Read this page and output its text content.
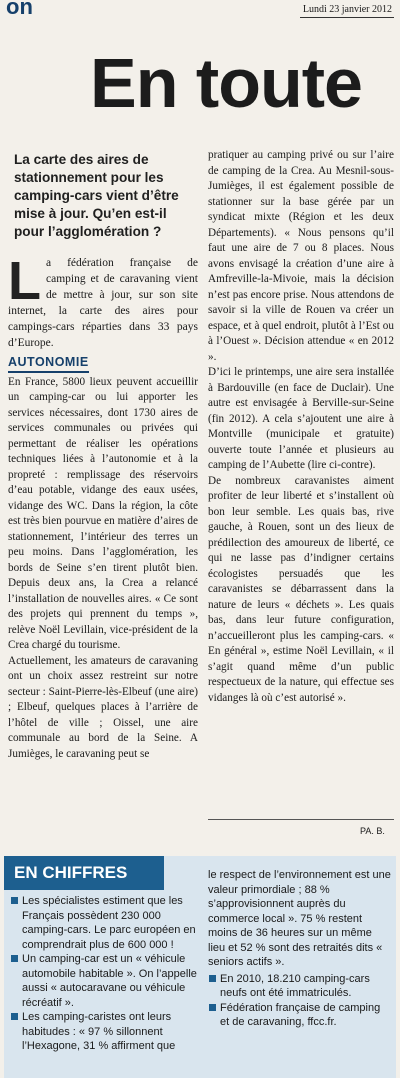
on	Lundi 23 janvier 2012
En toute
La carte des aires de stationnement pour les camping-cars vient d’être mise à jour. Qu’en est-il pour l’agglomération ?

La fédération française de camping et de caravaning vient de mettre à jour, sur son site internet, la carte des aires pour campings-cars réparties dans 33 pays d’Europe.

AUTONOMIE

En France, 5800 lieux peuvent accueillir un camping-car ou lui apporter les services nécessaires, dont 1730 aires de services communales ou privées qui permettant de réaliser les opérations techniques liées à l’autonomie et à la propreté : remplissage des réservoirs d’eau potable, vidange des eaux usées, vidange des WC. Dans la région, la côte est très bien pourvue en matière d’aires de stationnement, l’intérieur des terres un peu moins. Dans l’agglomération, les bords de Seine s’en tirent plutôt bien. Depuis deux ans, la Crea a relancé l’installation de nouvelles aires. « Ce sont des projets qui prennent du temps », relève Noël Levillain, vice-président de la Crea chargé du tourisme.

Actuellement, les amateurs de caravaning ont un choix assez restreint sur notre secteur : Saint-Pierre-lès-Elbeuf (une aire) ; Elbeuf, quelques places à l’arrière de l’hôtel de ville ; Oissel, une aire communale au bord de la Seine. A Jumièges, le caravaning peut se

pratiquer au camping privé ou sur l’aire de camping de la Crea. Au Mesnil-sous-Jumièges, il est également possible de stationner sur la base gérée par un syndicat mixte (Région et les deux Départements). « Nous pensons qu’il faut une aire de 7 ou 8 places. Nous avons envisagé la création d’une aire à Amfreville-la-Mivoie, mais la décision n’est pas encore prise. Nous attendons de savoir si la ville de Rouen va créer un espace, et à quel endroit, plutôt à l’Est ou à l’Ouest ». Décision attendue « en 2012 ».

D’ici le printemps, une aire sera installée à Bardouville (en face de Duclair). Une autre est envisagée à Berville-sur-Seine (fin 2012). A cela s’ajoutent une aire à Montville (municipale et gratuite) ouverte toute l’année et plusieurs au camping de l’Aubette (lire ci-contre).

De nombreux caravanistes aiment profiter de leur liberté et s’installent où bon leur semble. Les quais bas, rive gauche, à Rouen, sont un des lieux de prédilection des amoureux de liberté, ce qui ne lasse pas d’indigner certains écologistes persuadés que les caravanistes se débarrassent dans la nature de leurs « déchets ». Les quais bas, dans leur future configuration, n’accueilleront plus les camping-cars. « En général », estime Noël Levillain, « il s’agit quand même d’un public respectueux de la nature, qui effectue ses vidanges là où c’est autorisé ».

PA. B.
EN CHIFFRES

Les spécialistes estiment que les Français possèdent 230 000 camping-cars. Le parc européen en comprendrait plus de 600 000 !

Un camping-car est un « véhicule automobile habitable ». On l’appelle aussi « autocaravane ou véhicule récréatif ».

Les camping-caristes ont leurs habitudes : « 97 % sillonnent l’Hexagone, 31 % affirment que

le respect de l’environnement est une valeur primordiale ; 88 % s’approvisionnent auprès du commerce local ». 75 % restent moins de 36 heures sur un même lieu et 52 % sont des retraités dits « seniors actifs ».

En 2010, 18.210 camping-cars neufs ont été immatriculés.

Fédération française de camping et de caravaning, ffcc.fr.
